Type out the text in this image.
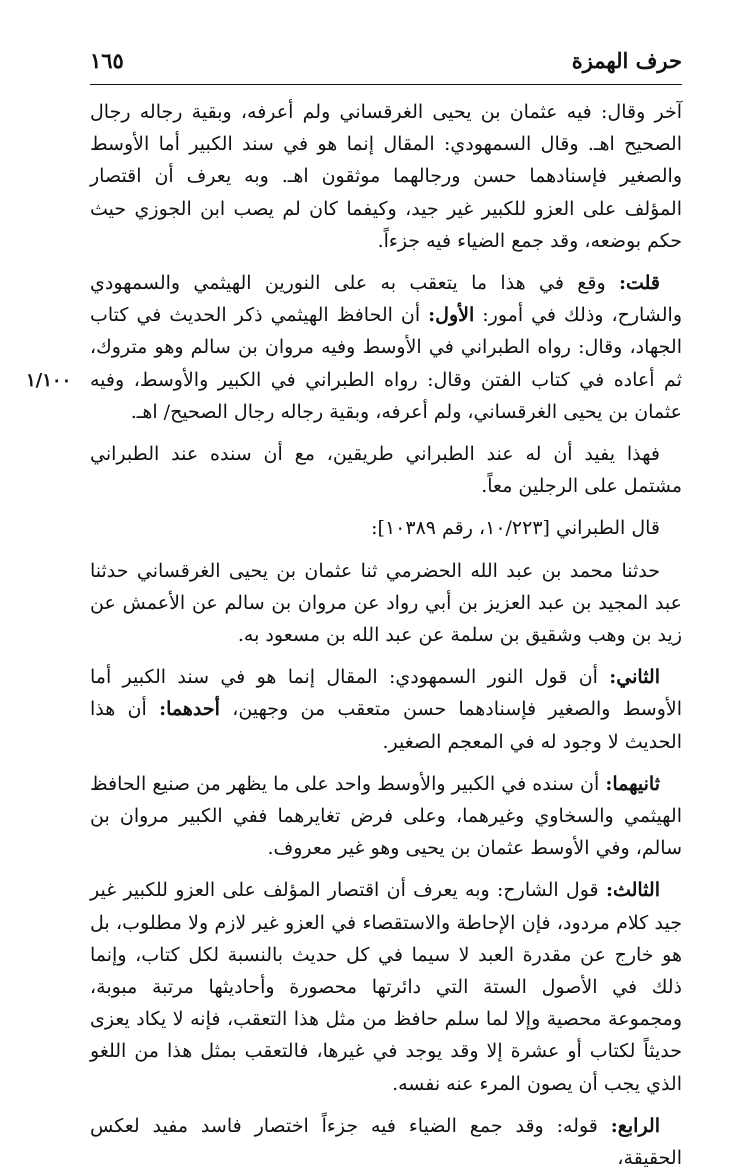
حرف الهمزة
١٦٥
١/١٠٠

آخر وقال: فيه عثمان بن يحيى الغرقساني ولم أعرفه، وبقية رجاله رجال الصحيح اهـ. وقال السمهودي: المقال إنما هو في سند الكبير أما الأوسط والصغير فإسنادهما حسن ورجالهما موثقون اهـ. وبه يعرف أن اقتصار المؤلف على العزو للكبير غير جيد، وكيفما كان لم يصب ابن الجوزي حيث حكم بوضعه، وقد جمع الضياء فيه جزءاً.

قلت: وقع في هذا ما يتعقب به على النورين الهيثمي والسمهودي والشارح، وذلك في أمور: الأول: أن الحافظ الهيثمي ذكر الحديث في كتاب الجهاد، وقال: رواه الطبراني في الأوسط وفيه مروان بن سالم وهو متروك، ثم أعاده في كتاب الفتن وقال: رواه الطبراني في الكبير والأوسط، وفيه عثمان بن يحيى الغرقساني، ولم أعرفه، وبقية رجاله رجال الصحيح/ اهـ.

فهذا يفيد أن له عند الطبراني طريقين، مع أن سنده عند الطبراني مشتمل على الرجلين معاً.

قال الطبراني [١٠/٢٢٣، رقم ١٠٣٨٩]:

حدثنا محمد بن عبد الله الحضرمي ثنا عثمان بن يحيى الغرقساني حدثنا عبد المجيد بن عبد العزيز بن أبي رواد عن مروان بن سالم عن الأعمش عن زيد بن وهب وشقيق بن سلمة عن عبد الله بن مسعود به.

الثاني: أن قول النور السمهودي: المقال إنما هو في سند الكبير أما الأوسط والصغير فإسنادهما حسن متعقب من وجهين، أحدهما: أن هذا الحديث لا وجود له في المعجم الصغير.

ثانيهما: أن سنده في الكبير والأوسط واحد على ما يظهر من صنيع الحافظ الهيثمي والسخاوي وغيرهما، وعلى فرض تغايرهما ففي الكبير مروان بن سالم، وفي الأوسط عثمان بن يحيى وهو غير معروف.

الثالث: قول الشارح: وبه يعرف أن اقتصار المؤلف على العزو للكبير غير جيد كلام مردود، فإن الإحاطة والاستقصاء في العزو غير لازم ولا مطلوب، بل هو خارج عن مقدرة العبد لا سيما في كل حديث بالنسبة لكل كتاب، وإنما ذلك في الأصول الستة التي دائرتها محصورة وأحاديثها مرتبة مبوبة، ومجموعة محصية وإلا لما سلم حافظ من مثل هذا التعقب، فإنه لا يكاد يعزى حديثاً لكتاب أو عشرة إلا وقد يوجد في غيرها، فالتعقب بمثل هذا من اللغو الذي يجب أن يصون المرء عنه نفسه.

الرابع: قوله: وقد جمع الضياء فيه جزءاً اختصار فاسد مفيد لعكس الحقيقة،
